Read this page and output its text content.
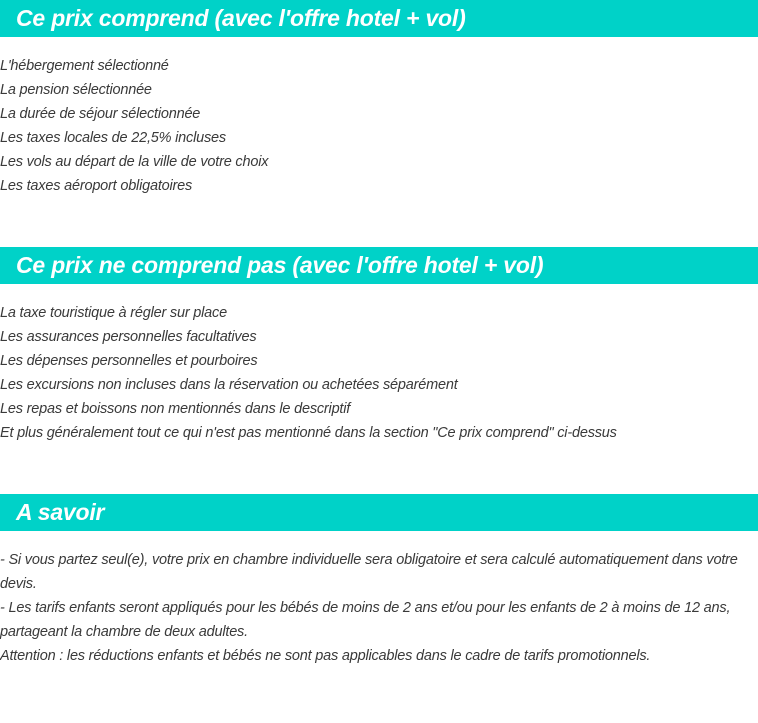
Ce prix comprend (avec l'offre hotel + vol)
L'hébergement sélectionné
La pension sélectionnée
La durée de séjour sélectionnée
Les taxes locales de 22,5% incluses
Les vols au départ de la ville de votre choix
Les taxes aéroport obligatoires
Ce prix ne comprend pas (avec l'offre hotel + vol)
La taxe touristique à régler sur place
Les assurances personnelles facultatives
Les dépenses personnelles et pourboires
Les excursions non incluses dans la réservation ou achetées séparément
Les repas et boissons non mentionnés dans le descriptif
Et plus généralement tout ce qui n'est pas mentionné dans la section "Ce prix comprend" ci-dessus
A savoir

- Si vous partez seul(e), votre prix en chambre individuelle sera obligatoire et sera calculé automatiquement dans votre devis.

- Les tarifs enfants seront appliqués pour les bébés de moins de 2 ans et/ou pour les enfants de 2 à moins de 12 ans, partageant la chambre de deux adultes.

Attention : les réductions enfants et bébés ne sont pas applicables dans le cadre de tarifs promotionnels.
